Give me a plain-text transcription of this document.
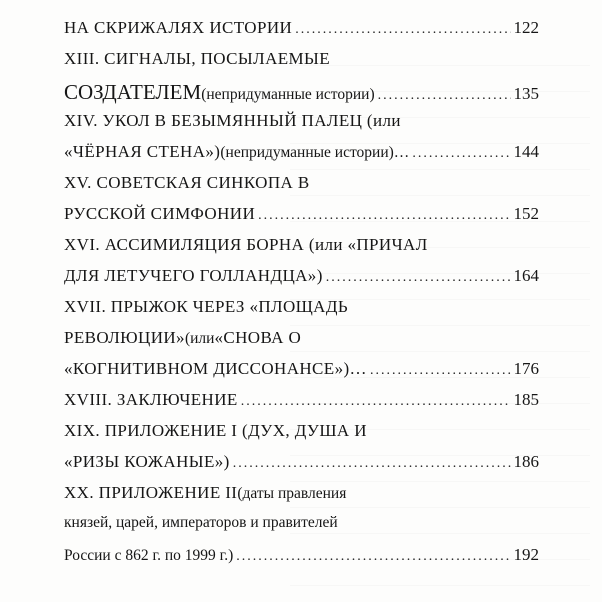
НА СКРИЖАЛЯХ ИСТОРИИ .....	122
XIII. СИГНАЛЫ, ПОСЫЛАЕМЫЕ
СОЗДАТЕЛЕМ (непридуманные истории) .....	135
XIV. УКОЛ В БЕЗЫМЯННЫЙ ПАЛЕЦ (или
«ЧЁРНАЯ СТЕНА») (непридуманные истории)… .....	144
XV. СОВЕТСКАЯ СИНКОПА В
РУССКОЙ СИМФОНИИ .....	152
XVI. АССИМИЛЯЦИЯ БОРНА (или «ПРИЧАЛ
ДЛЯ ЛЕТУЧЕГО ГОЛЛАНДЦА») .....	164
XVII. ПРЫЖОК ЧЕРЕЗ «ПЛОЩАДЬ
РЕВОЛЮЦИИ» (или «СНОВА О
«КОГНИТИВНОМ ДИССОНАНСЕ»)… .....	176
XVIII. ЗАКЛЮЧЕНИЕ .....	185
XIX. ПРИЛОЖЕНИЕ I (ДУХ, ДУША И
«РИЗЫ КОЖАНЫЕ») .....	186
XX. ПРИЛОЖЕНИЕ II (даты правления
князей, царей, императоров и правителей
России с 862 г. по 1999 г.) .....	192
